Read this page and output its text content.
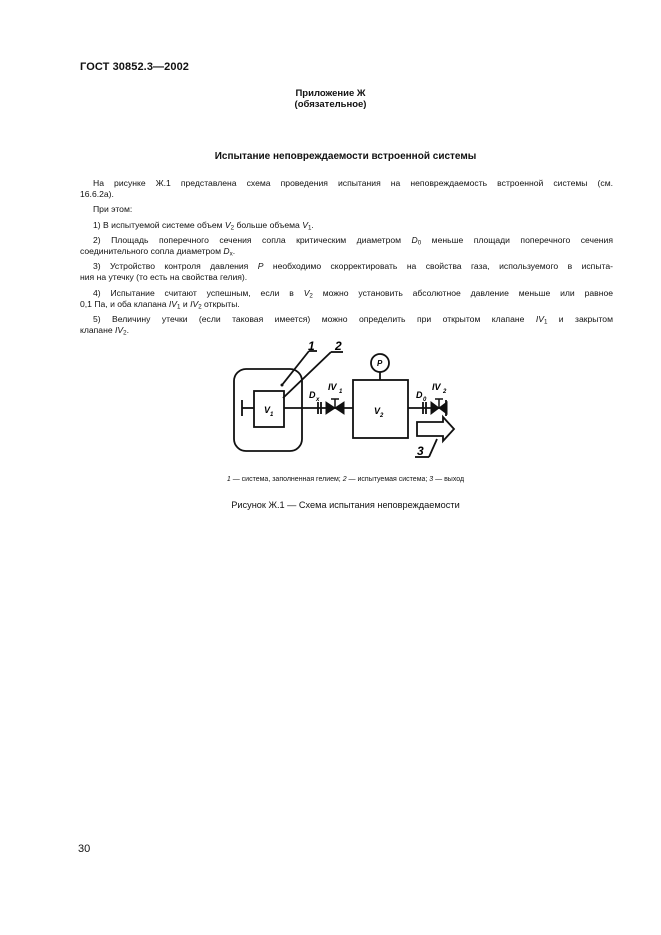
ГОСТ 30852.3—2002
Приложение Ж
(обязательное)
Испытание неповреждаемости встроенной системы

На рисунке Ж.1 представлена схема проведения испытания на неповреждаемость встроенной системы (см.

16.6.2а).

При этом:

1) В испытуемой системе объем $V_2$ больше объема $V_1$.

2) Площадь поперечного сечения сопла критическим диаметром $D_0$ меньше площади поперечного сечения

соединительного сопла диаметром $D_x$.

3) Устройство контроля давления P необходимо скорректировать на свойства газа, используемого в испыта-

ния на утечку (то есть на свойства гелия).

4) Испытание считают успешным, если в $V_2$ можно установить абсолютное давление меньше или равное

0,1 Па, и оба клапана $IV_1$ и $IV_2$ открыты.

5) Величину утечки (если таковая имеется) можно определить при открытом клапане $IV_1$ и закрытом

клапане $IV_2$.

1 2
3
V 1	V 2
P
D x
IV 1	D 0
IV 2
1 — система, заполненная гелием; 2 — испытуемая система; 3 — выход
Рисунок Ж.1 — Схема испытания неповреждаемости
30
